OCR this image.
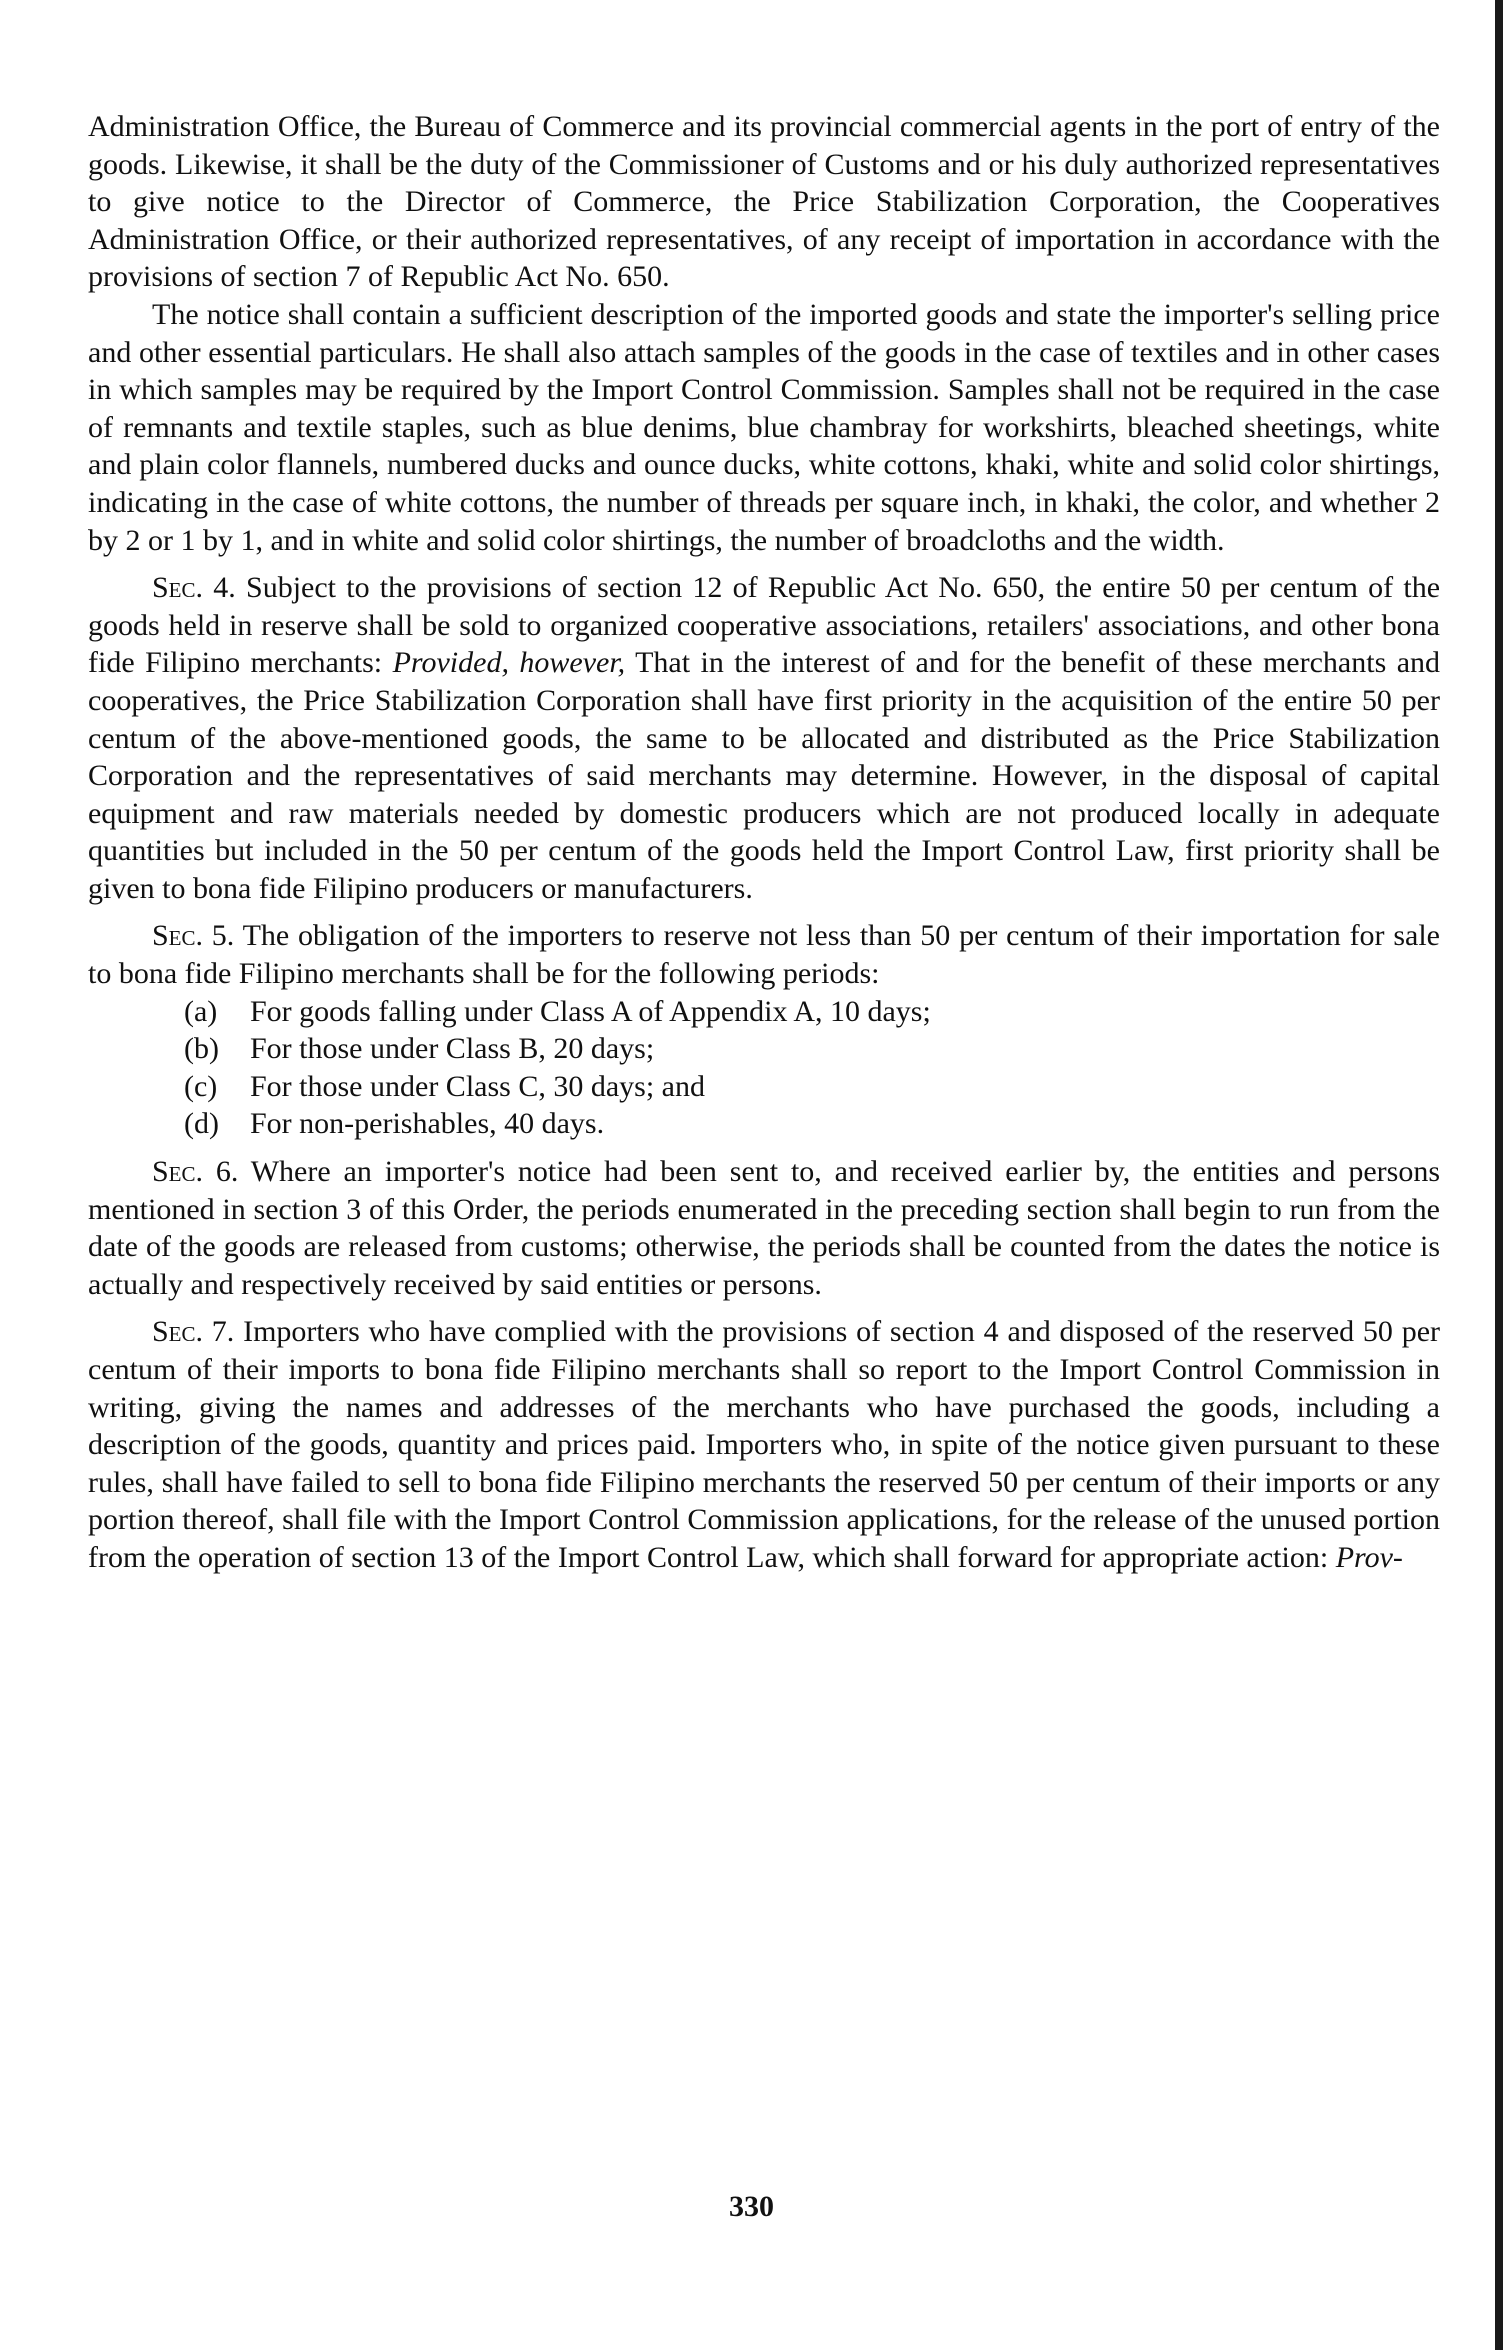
Administration Office, the Bureau of Commerce and its provincial commercial agents in the port of entry of the goods. Likewise, it shall be the duty of the Commissioner of Customs and or his duly authorized representatives to give notice to the Director of Commerce, the Price Stabilization Corporation, the Cooperatives Administration Office, or their authorized representatives, of any receipt of importation in accordance with the provisions of section 7 of Republic Act No. 650.

The notice shall contain a sufficient description of the imported goods and state the importer's selling price and other essential particulars. He shall also attach samples of the goods in the case of textiles and in other cases in which samples may be required by the Import Control Commission. Samples shall not be required in the case of remnants and textile staples, such as blue denims, blue chambray for workshirts, bleached sheetings, white and plain color flannels, numbered ducks and ounce ducks, white cottons, khaki, white and solid color shirtings, indicating in the case of white cottons, the number of threads per square inch, in khaki, the color, and whether 2 by 2 or 1 by 1, and in white and solid color shirtings, the number of broadcloths and the width.

Sec. 4. Subject to the provisions of section 12 of Republic Act No. 650, the entire 50 per centum of the goods held in reserve shall be sold to organized cooperative associations, retailers' associations, and other bona fide Filipino merchants: Provided, however, That in the interest of and for the benefit of these merchants and cooperatives, the Price Stabilization Corporation shall have first priority in the acquisition of the entire 50 per centum of the above-mentioned goods, the same to be allocated and distributed as the Price Stabilization Corporation and the representatives of said merchants may determine. However, in the disposal of capital equipment and raw materials needed by domestic producers which are not produced locally in adequate quantities but included in the 50 per centum of the goods held the Import Control Law, first priority shall be given to bona fide Filipino producers or manufacturers.

Sec. 5. The obligation of the importers to reserve not less than 50 per centum of their importation for sale to bona fide Filipino merchants shall be for the following periods:

(a) For goods falling under Class A of Appendix A, 10 days;
(b) For those under Class B, 20 days;
(c) For those under Class C, 30 days; and
(d) For non-perishables, 40 days.

Sec. 6. Where an importer's notice had been sent to, and received earlier by, the entities and persons mentioned in section 3 of this Order, the periods enumerated in the preceding section shall begin to run from the date of the goods are released from customs; otherwise, the periods shall be counted from the dates the notice is actually and respectively received by said entities or persons.

Sec. 7. Importers who have complied with the provisions of section 4 and disposed of the reserved 50 per centum of their imports to bona fide Filipino merchants shall so report to the Import Control Commission in writing, giving the names and addresses of the merchants who have purchased the goods, including a description of the goods, quantity and prices paid. Importers who, in spite of the notice given pursuant to these rules, shall have failed to sell to bona fide Filipino merchants the reserved 50 per centum of their imports or any portion thereof, shall file with the Import Control Commission applications, for the release of the unused portion from the operation of section 13 of the Import Control Law, which shall forward for appropriate action: Prov-

330
